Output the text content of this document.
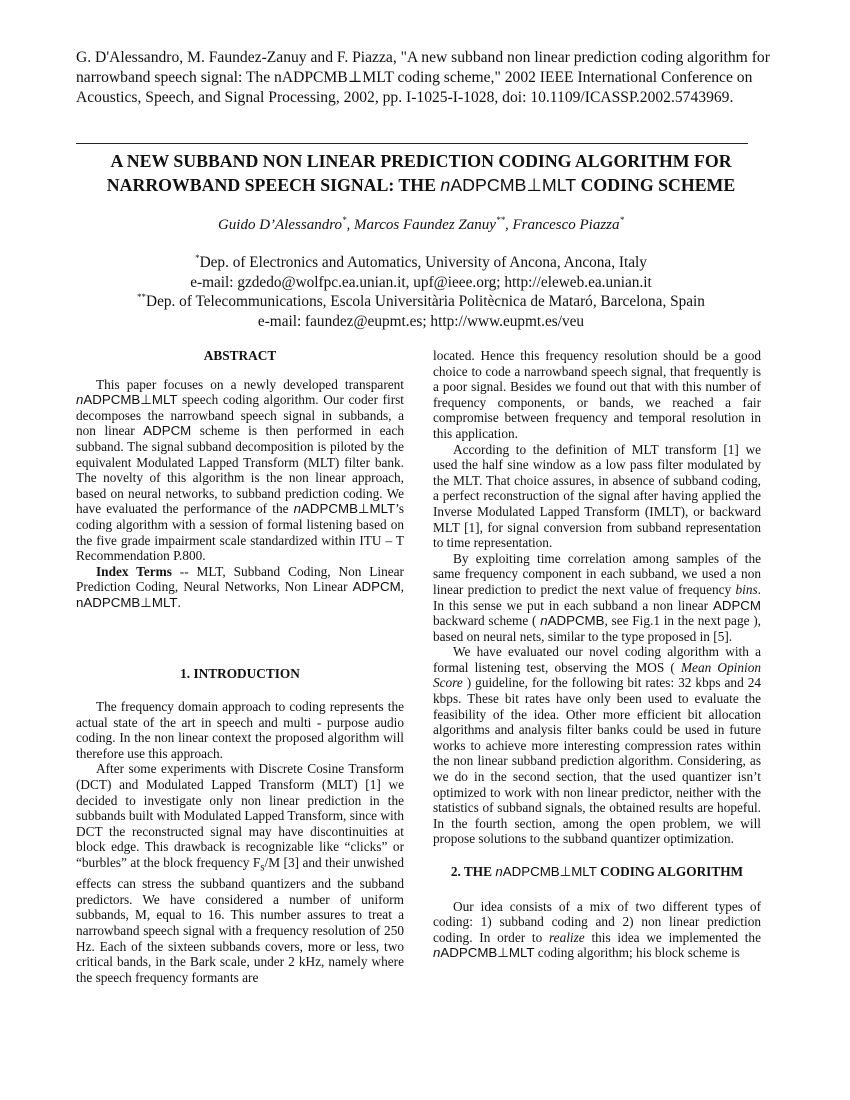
G. D'Alessandro, M. Faundez-Zanuy and F. Piazza, "A new subband non linear prediction coding algorithm for narrowband speech signal: The nADPCMB⊥MLT coding scheme," 2002 IEEE International Conference on Acoustics, Speech, and Signal Processing, 2002, pp. I-1025-I-1028, doi: 10.1109/ICASSP.2002.5743969.
A NEW SUBBAND NON LINEAR PREDICTION CODING ALGORITHM FOR
NARROWBAND SPEECH SIGNAL: THE nADPCMB⊥MLT CODING SCHEME
Guido D’Alessandro*, Marcos Faundez Zanuy**, Francesco Piazza*
*Dep. of Electronics and Automatics, University of Ancona, Ancona, Italy
e-mail: gzdedo@wolfpc.ea.unian.it, upf@ieee.org; http://eleweb.ea.unian.it
**Dep. of Telecommunications, Escola Universitària Politècnica de Mataró, Barcelona, Spain
e-mail: faundez@eupmt.es; http://www.eupmt.es/veu
ABSTRACT

This paper focuses on a newly developed transparent nADPCMB⊥MLT speech coding algorithm. Our coder first decomposes the narrowband speech signal in subbands, a non linear ADPCM scheme is then performed in each subband. The signal subband decomposition is piloted by the equivalent Modulated Lapped Transform (MLT) filter bank. The novelty of this algorithm is the non linear approach, based on neural networks, to subband prediction coding. We have evaluated the performance of the nADPCMB⊥MLT’s coding algorithm with a session of formal listening based on the five grade impairment scale standardized within ITU – T Recommendation P.800.

Index Terms -- MLT, Subband Coding, Non Linear Prediction Coding, Neural Networks, Non Linear ADPCM, nADPCMB⊥MLT.

1. INTRODUCTION

The frequency domain approach to coding represents the actual state of the art in speech and multi - purpose audio coding. In the non linear context the proposed algorithm will therefore use this approach.

After some experiments with Discrete Cosine Transform (DCT) and Modulated Lapped Transform (MLT) [1] we decided to investigate only non linear prediction in the subbands built with Modulated Lapped Transform, since with DCT the reconstructed signal may have discontinuities at block edge. This drawback is recognizable like “clicks” or “burbles” at the block frequency $F_s/M$ [3] and their unwished effects can stress the subband quantizers and the subband predictors. We have considered a number of uniform subbands, M, equal to 16. This number assures to treat a narrowband speech signal with a frequency resolution of 250 Hz. Each of the sixteen subbands covers, more or less, two critical bands, in the Bark scale, under 2 kHz, namely where the speech frequency formants are

located. Hence this frequency resolution should be a good choice to code a narrowband speech signal, that frequently is a poor signal. Besides we found out that with this number of frequency components, or bands, we reached a fair compromise between frequency and temporal resolution in this application.

According to the definition of MLT transform [1] we used the half sine window as a low pass filter modulated by the MLT. That choice assures, in absence of subband coding, a perfect reconstruction of the signal after having applied the Inverse Modulated Lapped Transform (IMLT), or backward MLT [1], for signal conversion from subband representation to time representation.

By exploiting time correlation among samples of the same frequency component in each subband, we used a non linear prediction to predict the next value of frequency bins. In this sense we put in each subband a non linear ADPCM backward scheme ( nADPCMB, see Fig.1 in the next page ), based on neural nets, similar to the type proposed in [5].

We have evaluated our novel coding algorithm with a formal listening test, observing the MOS ( Mean Opinion Score ) guideline, for the following bit rates: 32 kbps and 24 kbps. These bit rates have only been used to evaluate the feasibility of the idea. Other more efficient bit allocation algorithms and analysis filter banks could be used in future works to achieve more interesting compression rates within the non linear subband prediction algorithm. Considering, as we do in the second section, that the used quantizer isn’t optimized to work with non linear predictor, neither with the statistics of subband signals, the obtained results are hopeful. In the fourth section, among the open problem, we will propose solutions to the subband quantizer optimization.

2. THE nADPCMB⊥MLT CODING ALGORITHM

Our idea consists of a mix of two different types of coding: 1) subband coding and 2) non linear prediction coding. In order to realize this idea we implemented the nADPCMB⊥MLT coding algorithm; his block scheme is
